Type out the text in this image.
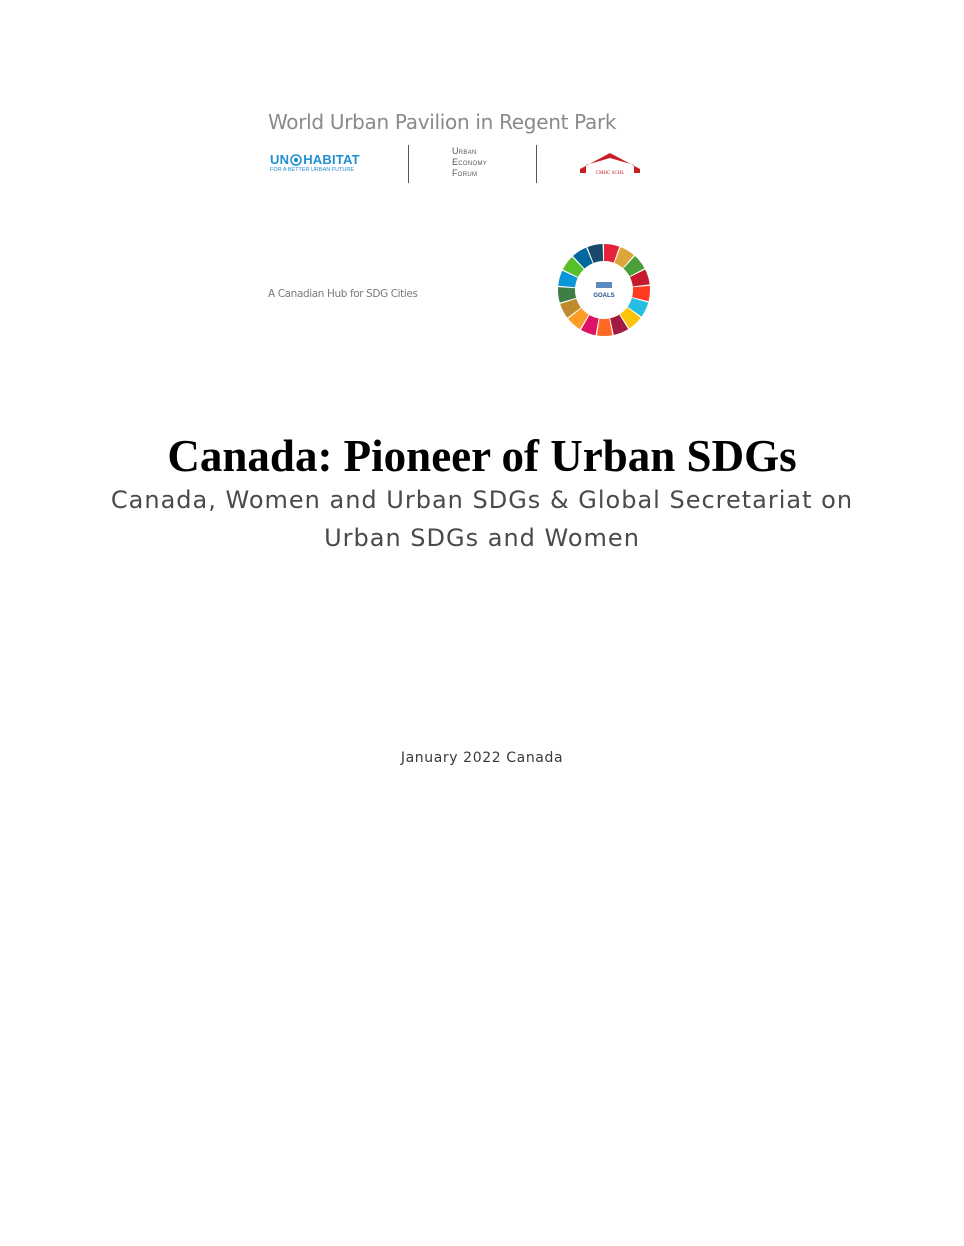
World Urban Pavilion in Regent Park
UN HABITAT
FOR A BETTER URBAN FUTURE
Urban
Economy
Forum	CMHC SCHL
A Canadian Hub for SDG Cities	GOALS
Canada: Pioneer of Urban SDGs
Canada, Women and Urban SDGs & Global Secretariat on Urban SDGs and Women
January 2022 Canada
